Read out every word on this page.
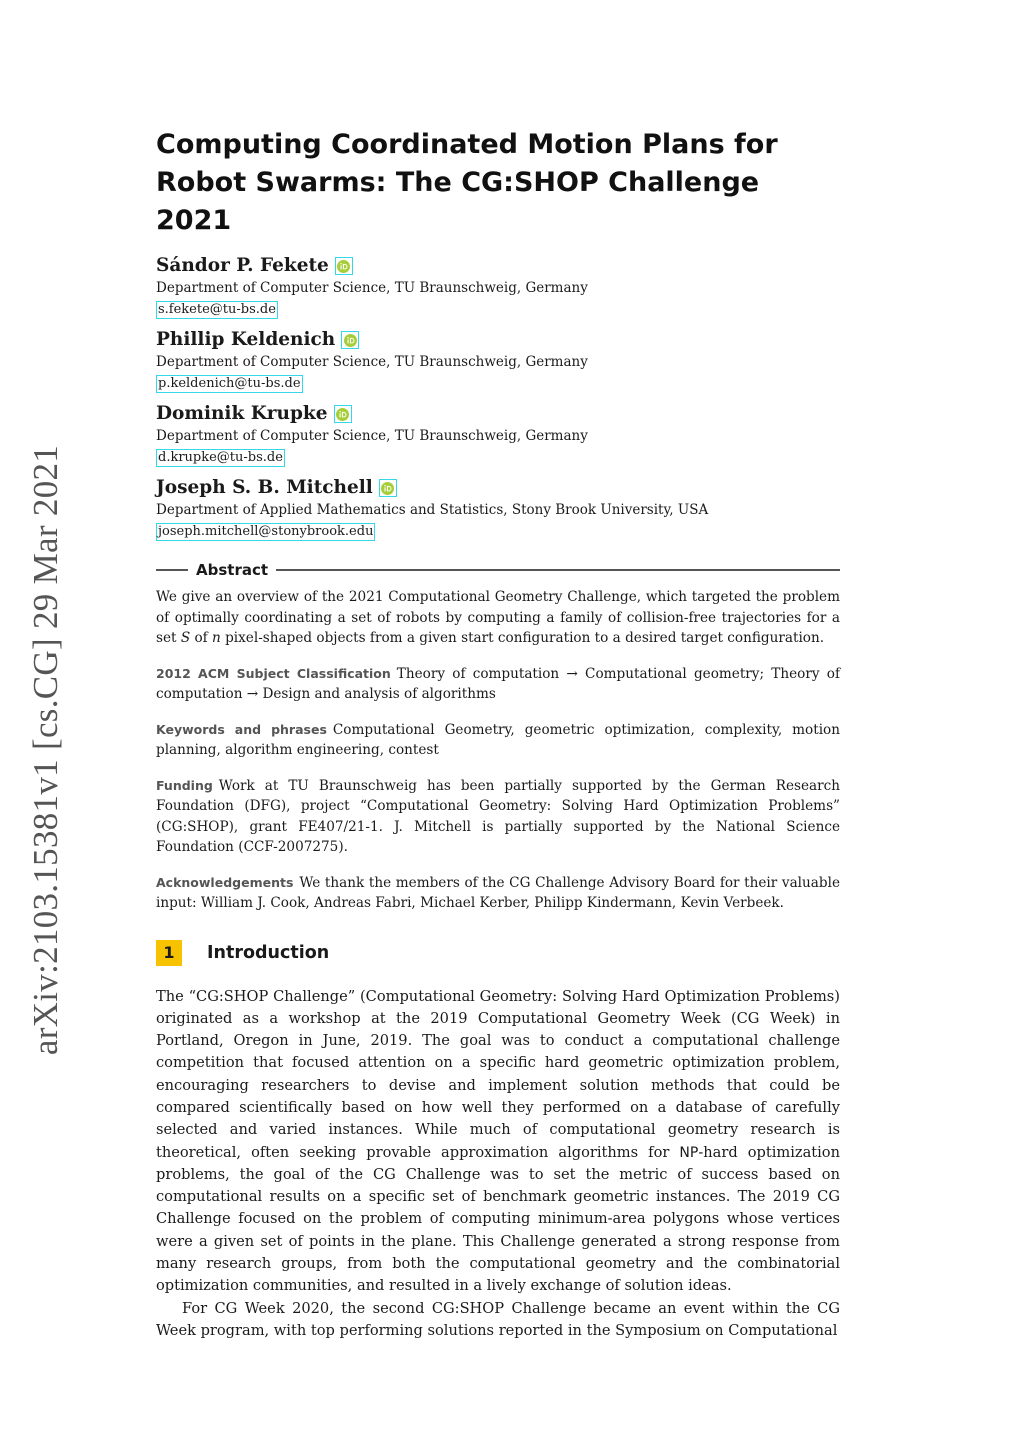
arXiv:2103.15381v1 [cs.CG] 29 Mar 2021
Computing Coordinated Motion Plans for
Robot Swarms: The CG:SHOP Challenge 2021
Sándor P. Fekete
Department of Computer Science, TU Braunschweig, Germany
s.fekete@tu-bs.de
Phillip Keldenich
Department of Computer Science, TU Braunschweig, Germany
p.keldenich@tu-bs.de
Dominik Krupke
Department of Computer Science, TU Braunschweig, Germany
d.krupke@tu-bs.de
Joseph S. B. Mitchell
Department of Applied Mathematics and Statistics, Stony Brook University, USA
joseph.mitchell@stonybrook.edu
Abstract

We give an overview of the 2021 Computational Geometry Challenge, which targeted the problem of optimally coordinating a set of robots by computing a family of collision-free trajectories for a set S of n pixel-shaped objects from a given start configuration to a desired target configuration.

2012 ACM Subject Classification Theory of computation → Computational geometry; Theory of computation → Design and analysis of algorithms

Keywords and phrases Computational Geometry, geometric optimization, complexity, motion planning, algorithm engineering, contest

Funding Work at TU Braunschweig has been partially supported by the German Research Foundation (DFG), project “Computational Geometry: Solving Hard Optimization Problems” (CG:SHOP), grant FE407/21-1. J. Mitchell is partially supported by the National Science Foundation (CCF-2007275).

Acknowledgements We thank the members of the CG Challenge Advisory Board for their valuable input: William J. Cook, Andreas Fabri, Michael Kerber, Philipp Kindermann, Kevin Verbeek.

1	Introduction

The “CG:SHOP Challenge” (Computational Geometry: Solving Hard Optimization Problems) originated as a workshop at the 2019 Computational Geometry Week (CG Week) in Portland, Oregon in June, 2019. The goal was to conduct a computational challenge competition that focused attention on a specific hard geometric optimization problem, encouraging researchers to devise and implement solution methods that could be compared scientifically based on how well they performed on a database of carefully selected and varied instances. While much of computational geometry research is theoretical, often seeking provable approximation algorithms for NP-hard optimization problems, the goal of the CG Challenge was to set the metric of success based on computational results on a specific set of benchmark geometric instances. The 2019 CG Challenge focused on the problem of computing minimum-area polygons whose vertices were a given set of points in the plane. This Challenge generated a strong response from many research groups, from both the computational geometry and the combinatorial optimization communities, and resulted in a lively exchange of solution ideas.

For CG Week 2020, the second CG:SHOP Challenge became an event within the CG Week program, with top performing solutions reported in the Symposium on Computational
